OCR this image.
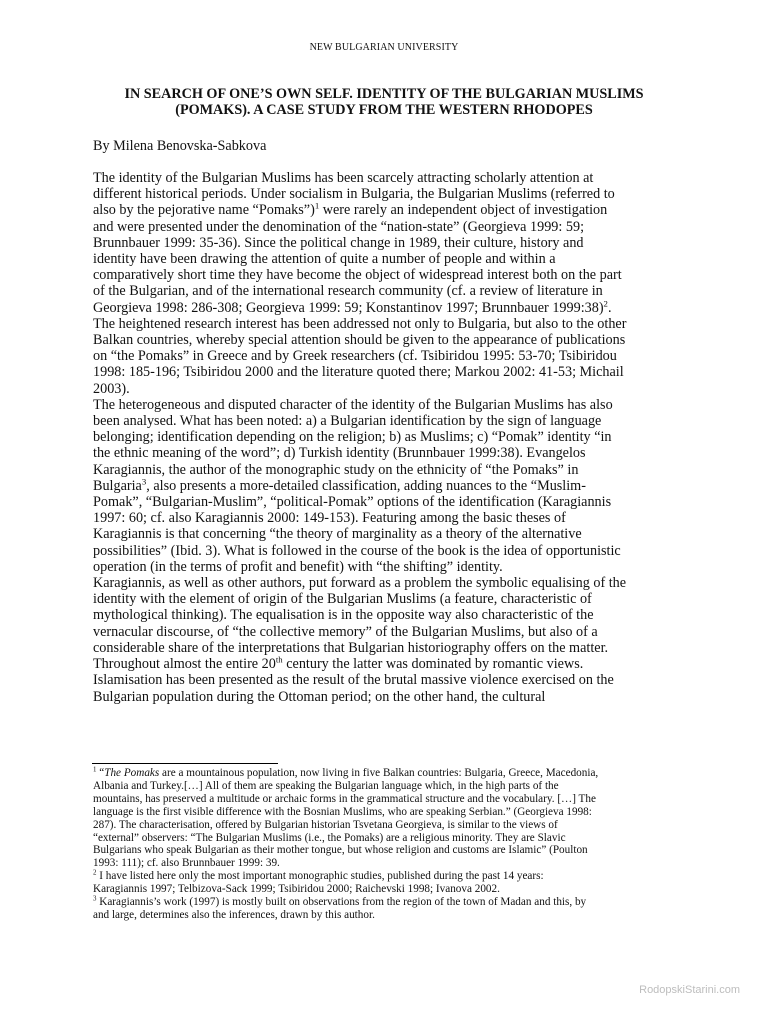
NEW BULGARIAN UNIVERSITY
IN SEARCH OF ONE’S OWN SELF. IDENTITY OF THE BULGARIAN MUSLIMS
(POMAKS). A CASE STUDY FROM THE WESTERN RHODOPES
By Milena Benovska-Sabkova

The identity of the Bulgarian Muslims has been scarcely attracting scholarly attention at
different historical periods. Under socialism in Bulgaria, the Bulgarian Muslims (referred to
also by the pejorative name “Pomaks”)$^1$ were rarely an independent object of investigation
and were presented under the denomination of the “nation-state” (Georgieva 1999: 59;
Brunnbauer 1999: 35-36). Since the political change in 1989, their culture, history and
identity have been drawing the attention of quite a number of people and within a
comparatively short time they have become the object of widespread interest both on the part
of the Bulgarian, and of the international research community (cf. a review of literature in
Georgieva 1998: 286-308; Georgieva 1999: 59; Konstantinov 1997; Brunnbauer 1999:38)$^2$.
The heightened research interest has been addressed not only to Bulgaria, but also to the other
Balkan countries, whereby special attention should be given to the appearance of publications
on “the Pomaks” in Greece and by Greek researchers (cf. Tsibiridou 1995: 53-70; Tsibiridou
1998: 185-196; Tsibiridou 2000 and the literature quoted there; Markou 2002: 41-53; Michail
2003).

The heterogeneous and disputed character of the identity of the Bulgarian Muslims has also
been analysed. What has been noted: a) a Bulgarian identification by the sign of language
belonging; identification depending on the religion; b) as Muslims; c) “Pomak” identity “in
the ethnic meaning of the word”; d) Turkish identity (Brunnbauer 1999:38). Evangelos
Karagiannis, the author of the monographic study on the ethnicity of “the Pomaks” in
Bulgaria$^3$, also presents a more-detailed classification, adding nuances to the “Muslim-
Pomak”, “Bulgarian-Muslim”, “political-Pomak” options of the identification (Karagiannis
1997: 60; cf. also Karagiannis 2000: 149-153). Featuring among the basic theses of
Karagiannis is that concerning “the theory of marginality as a theory of the alternative
possibilities” (Ibid. 3). What is followed in the course of the book is the idea of opportunistic
operation (in the terms of profit and benefit) with “the shifting” identity.

Karagiannis, as well as other authors, put forward as a problem the symbolic equalising of the
identity with the element of origin of the Bulgarian Muslims (a feature, characteristic of
mythological thinking). The equalisation is in the opposite way also characteristic of the
vernacular discourse, of “the collective memory” of the Bulgarian Muslims, but also of a
considerable share of the interpretations that Bulgarian historiography offers on the matter.
Throughout almost the entire 20th century the latter was dominated by romantic views.
Islamisation has been presented as the result of the brutal massive violence exercised on the
Bulgarian population during the Ottoman period; on the other hand, the cultural

$^1$ “The Pomaks are a mountainous population, now living in five Balkan countries: Bulgaria, Greece, Macedonia,
Albania and Turkey.[…] All of them are speaking the Bulgarian language which, in the high parts of the
mountains, has preserved a multitude or archaic forms in the grammatical structure and the vocabulary. […] The
language is the first visible difference with the Bosnian Muslims, who are speaking Serbian.” (Georgieva 1998:
287). The characterisation, offered by Bulgarian historian Tsvetana Georgieva, is similar to the views of
“external” observers: “The Bulgarian Muslims (i.e., the Pomaks) are a religious minority. They are Slavic
Bulgarians who speak Bulgarian as their mother tongue, but whose religion and customs are Islamic” (Poulton
1993: 111); cf. also Brunnbauer 1999: 39.

$^2$ I have listed here only the most important monographic studies, published during the past 14 years:
Karagiannis 1997; Telbizova-Sack 1999; Tsibiridou 2000; Raichevski 1998; Ivanova 2002.

$^3$ Karagiannis’s work (1997) is mostly built on observations from the region of the town of Madan and this, by
and large, determines also the inferences, drawn by this author.

RodopskiStarini.com
